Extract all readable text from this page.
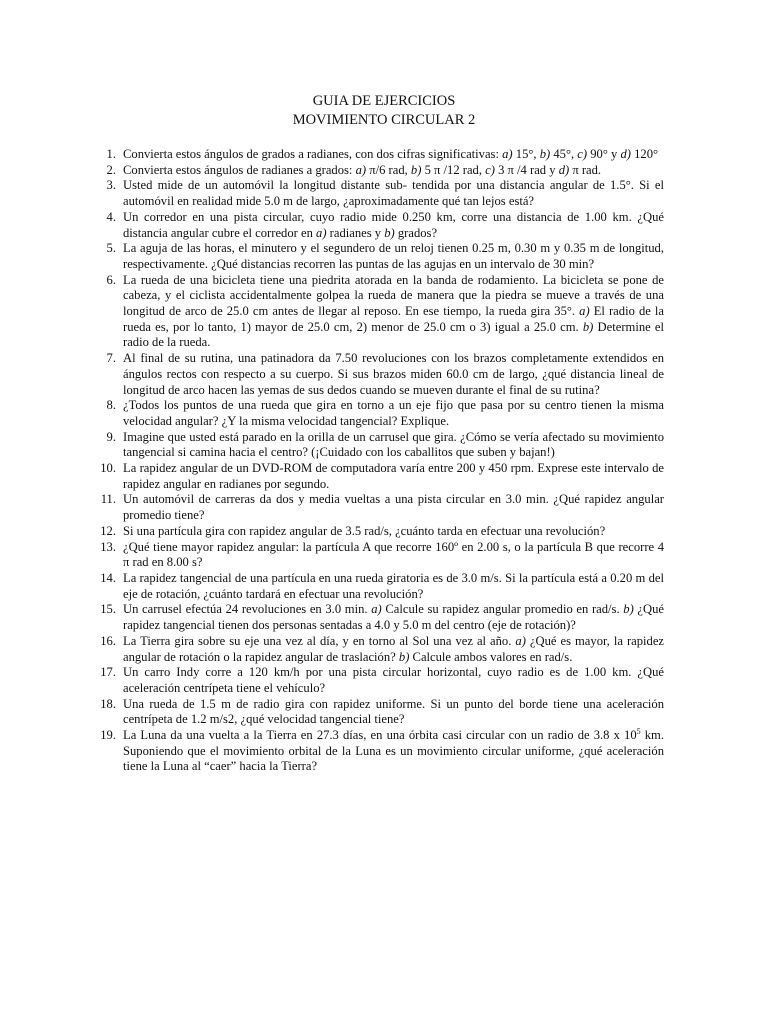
GUIA DE EJERCICIOS
MOVIMIENTO CIRCULAR 2
1. Convierta estos ángulos de grados a radianes, con dos cifras significativas: a) 15°, b) 45°, c) 90° y d) 120°
2. Convierta estos ángulos de radianes a grados: a) π/6 rad, b) 5 π /12 rad, c) 3 π /4 rad y d) π rad.
3. Usted mide de un automóvil la longitud distante sub- tendida por una distancia angular de 1.5°. Si el automóvil en realidad mide 5.0 m de largo, ¿aproximadamente qué tan lejos está?
4. Un corredor en una pista circular, cuyo radio mide 0.250 km, corre una distancia de 1.00 km. ¿Qué distancia angular cubre el corredor en a) radianes y b) grados?
5. La aguja de las horas, el minutero y el segundero de un reloj tienen 0.25 m, 0.30 m y 0.35 m de longitud, respectivamente. ¿Qué distancias recorren las puntas de las agujas en un intervalo de 30 min?
6. La rueda de una bicicleta tiene una piedrita atorada en la banda de rodamiento. La bicicleta se pone de cabeza, y el ciclista accidentalmente golpea la rueda de manera que la piedra se mueve a través de una longitud de arco de 25.0 cm antes de llegar al reposo. En ese tiempo, la rueda gira 35°. a) El radio de la rueda es, por lo tanto, 1) mayor de 25.0 cm, 2) menor de 25.0 cm o 3) igual a 25.0 cm. b) Determine el radio de la rueda.
7. Al final de su rutina, una patinadora da 7.50 revoluciones con los brazos completamente extendidos en ángulos rectos con respecto a su cuerpo. Si sus brazos miden 60.0 cm de largo, ¿qué distancia lineal de longitud de arco hacen las yemas de sus dedos cuando se mueven durante el final de su rutina?
8. ¿Todos los puntos de una rueda que gira en torno a un eje fijo que pasa por su centro tienen la misma velocidad angular? ¿Y la misma velocidad tangencial? Explique.
9. Imagine que usted está parado en la orilla de un carrusel que gira. ¿Cómo se vería afectado su movimiento tangencial si camina hacia el centro? (¡Cuidado con los caballitos que suben y bajan!)
10. La rapidez angular de un DVD-ROM de computadora varía entre 200 y 450 rpm. Exprese este intervalo de rapidez angular en radianes por segundo.
11. Un automóvil de carreras da dos y media vueltas a una pista circular en 3.0 min. ¿Qué rapidez angular promedio tiene?
12. Si una partícula gira con rapidez angular de 3.5 rad/s, ¿cuánto tarda en efectuar una revolución?
13. ¿Qué tiene mayor rapidez angular: la partícula A que recorre 160º en 2.00 s, o la partícula B que recorre 4 π rad en 8.00 s?
14. La rapidez tangencial de una partícula en una rueda giratoria es de 3.0 m/s. Si la partícula está a 0.20 m del eje de rotación, ¿cuánto tardará en efectuar una revolución?
15. Un carrusel efectúa 24 revoluciones en 3.0 min. a) Calcule su rapidez angular promedio en rad/s. b) ¿Qué rapidez tangencial tienen dos personas sentadas a 4.0 y 5.0 m del centro (eje de rotación)?
16. La Tierra gira sobre su eje una vez al día, y en torno al Sol una vez al año. a) ¿Qué es mayor, la rapidez angular de rotación o la rapidez angular de traslación? b) Calcule ambos valores en rad/s.
17. Un carro Indy corre a 120 km/h por una pista circular horizontal, cuyo radio es de 1.00 km. ¿Qué aceleración centrípeta tiene el vehículo?
18. Una rueda de 1.5 m de radio gira con rapidez uniforme. Si un punto del borde tiene una aceleración centrípeta de 1.2 m/s2, ¿qué velocidad tangencial tiene?
19. La Luna da una vuelta a la Tierra en 27.3 días, en una órbita casi circular con un radio de 3.8 x $10^5$ km. Suponiendo que el movimiento orbital de la Luna es un movimiento circular uniforme, ¿qué aceleración tiene la Luna al “caer” hacia la Tierra?
